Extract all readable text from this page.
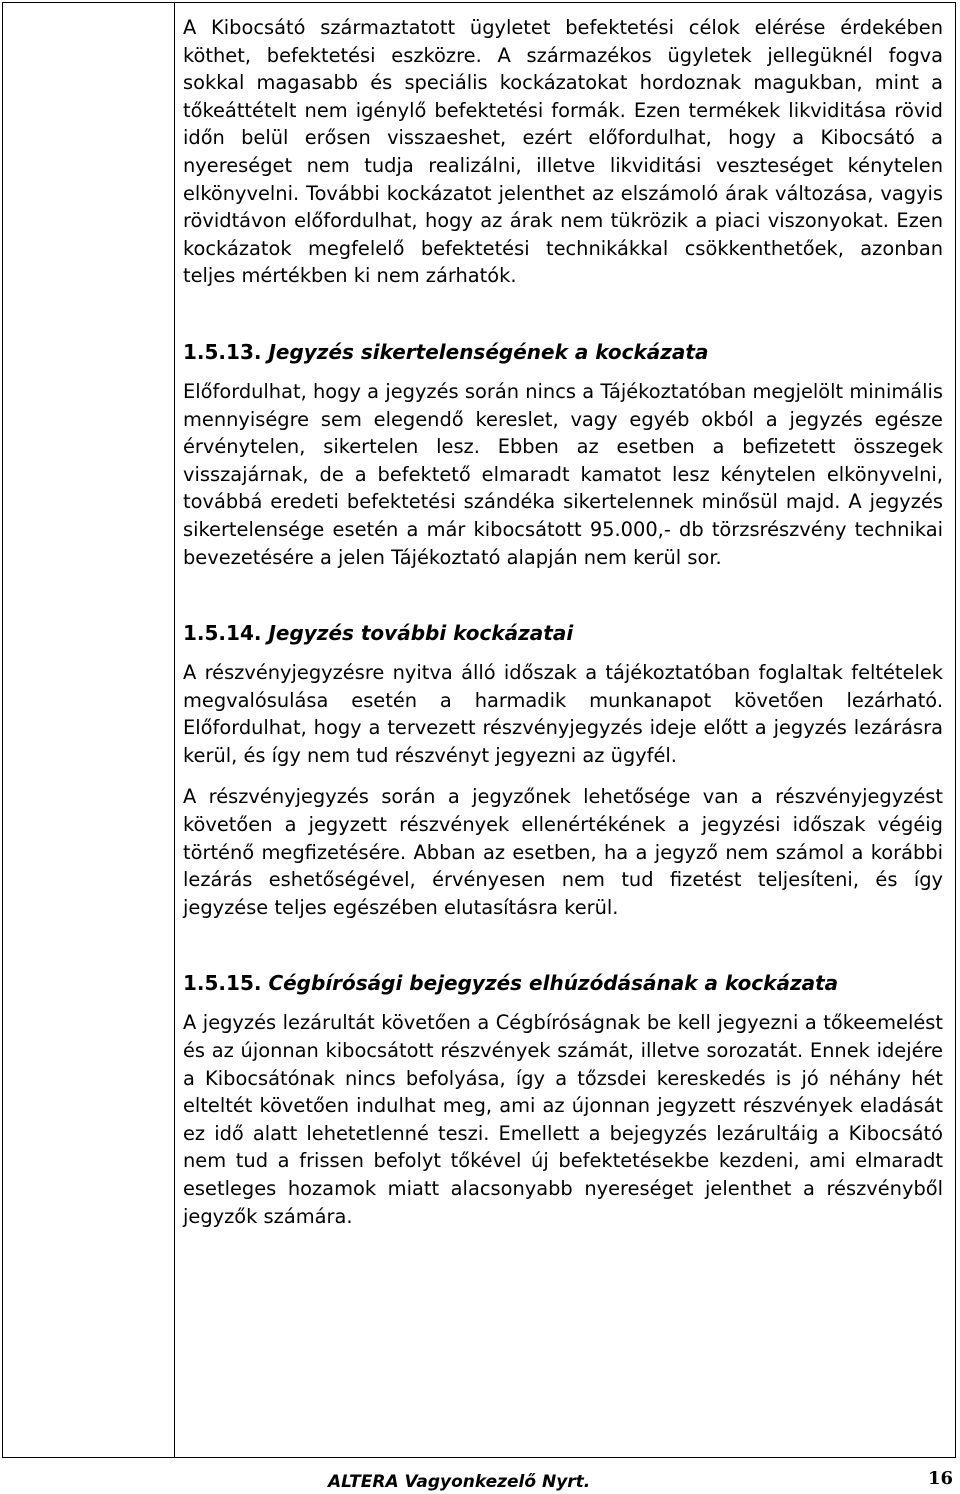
A Kibocsátó származtatott ügyletet befektetési célok elérése érdekében köthet, befektetési eszközre. A származékos ügyletek jellegüknél fogva sokkal magasabb és speciális kockázatokat hordoznak magukban, mint a tőkeáttételt nem igénylő befektetési formák. Ezen termékek likviditása rövid időn belül erősen visszaeshet, ezért előfordulhat, hogy a Kibocsátó a nyereséget nem tudja realizálni, illetve likviditási veszteséget kénytelen elkönyvelni. További kockázatot jelenthet az elszámoló árak változása, vagyis rövidtávon előfordulhat, hogy az árak nem tükrözik a piaci viszonyokat. Ezen kockázatok megfelelő befektetési technikákkal csökkenthetőek, azonban teljes mértékben ki nem zárhatók.

1.5.13. Jegyzés sikertelenségének a kockázata

Előfordulhat, hogy a jegyzés során nincs a Tájékoztatóban megjelölt minimális mennyiségre sem elegendő kereslet, vagy egyéb okból a jegyzés egésze érvénytelen, sikertelen lesz. Ebben az esetben a befizetett összegek visszajárnak, de a befektető elmaradt kamatot lesz kénytelen elkönyvelni, továbbá eredeti befektetési szándéka sikertelennek minősül majd. A jegyzés sikertelensége esetén a már kibocsátott 95.000,- db törzsrészvény technikai bevezetésére a jelen Tájékoztató alapján nem kerül sor.

1.5.14. Jegyzés további kockázatai

A részvényjegyzésre nyitva álló időszak a tájékoztatóban foglaltak feltételek megvalósulása esetén a harmadik munkanapot követően lezárható. Előfordulhat, hogy a tervezett részvényjegyzés ideje előtt a jegyzés lezárásra kerül, és így nem tud részvényt jegyezni az ügyfél.

A részvényjegyzés során a jegyzőnek lehetősége van a részvényjegyzést követően a jegyzett részvények ellenértékének a jegyzési időszak végéig történő megfizetésére. Abban az esetben, ha a jegyző nem számol a korábbi lezárás eshetőségével, érvényesen nem tud fizetést teljesíteni, és így jegyzése teljes egészében elutasításra kerül.

1.5.15. Cégbírósági bejegyzés elhúzódásának a kockázata

A jegyzés lezárultát követően a Cégbíróságnak be kell jegyezni a tőkeemelést és az újonnan kibocsátott részvények számát, illetve sorozatát. Ennek idejére a Kibocsátónak nincs befolyása, így a tőzsdei kereskedés is jó néhány hét elteltét követően indulhat meg, ami az újonnan jegyzett részvények eladását ez idő alatt lehetetlenné teszi. Emellett a bejegyzés lezárultáig a Kibocsátó nem tud a frissen befolyt tőkével új befektetésekbe kezdeni, ami elmaradt esetleges hozamok miatt alacsonyabb nyereséget jelenthet a részvényből jegyzők számára.

ALTERA Vagyonkezelő Nyrt.	16
